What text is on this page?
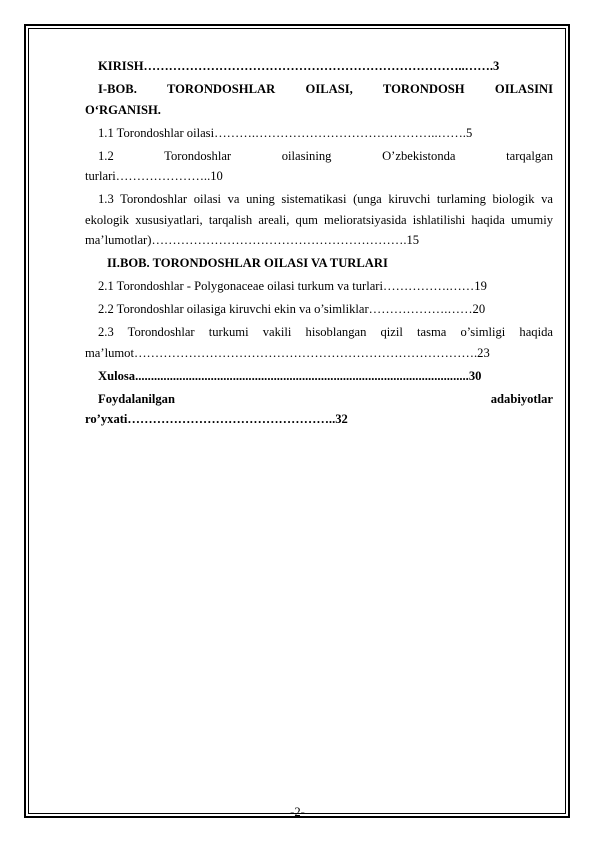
KIRISH…………………………………………………………………..…….3

I-BOB. TORONDOSHLAR OILASI, TORONDOSH OILASINI

O‘RGANISH.

1.1 Torondoshlar oilasi……….……………………………………..…….5

1.2 Torondoshlar oilasining O’zbekistonda tarqalgan

turlari…………………..10

1.3 Torondoshlar oilasi va uning sistematikasi (unga kiruvchi turlaming biologik va ekologik xususiyatlari, tarqalish areali, qum melioratsiyasida ishlatilishi haqida umumiy ma’lumotlar)…………………………………………………….15

II.BOB. TORONDOSHLAR OILASI VA TURLARI

2.1 Torondoshlar - Polygonaceae oilasi turkum va turlari…………….……19

2.2 Torondoshlar oilasiga kiruvchi ekin va o’simliklar……………….……20

2.3 Torondoshlar turkumi vakili hisoblangan qizil tasma o’simligi haqida ma’lumot……………………………………………………………………….23

Xulosa..........................................................................................................30

Foydalanilgan adabiyotlar

ro’yxati…………………………………………..32

-2-
